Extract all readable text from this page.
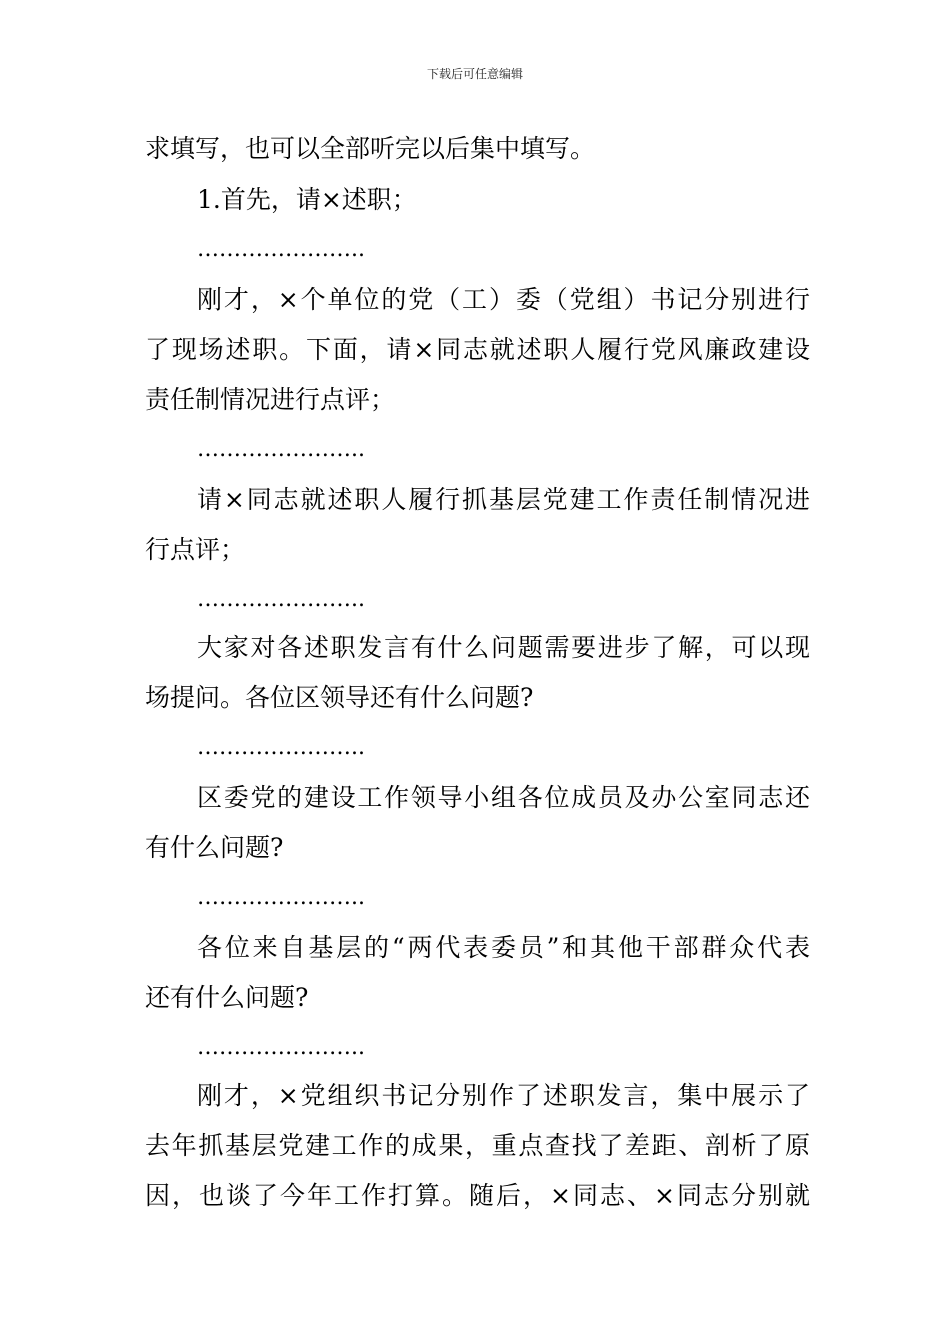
下载后可任意编辑
求填写，也可以全部听完以后集中填写。
1.首先，请×述职；
…………………..
刚才，×个单位的党（工）委（党组）书记分别进行
了现场述职。下面，请×同志就述职人履行党风廉政建设
责任制情况进行点评；
…………………..
请×同志就述职人履行抓基层党建工作责任制情况进
行点评；
…………………..
大家对各述职发言有什么问题需要进步了解，可以现
场提问。各位区领导还有什么问题?
…………………..
区委党的建设工作领导小组各位成员及办公室同志还
有什么问题?
…………………..
各位来自基层的“两代表委员”和其他干部群众代表
还有什么问题?
…………………..
刚才，×党组织书记分别作了述职发言，集中展示了
去年抓基层党建工作的成果，重点查找了差距、剖析了原
因，也谈了今年工作打算。随后，×同志、×同志分别就
